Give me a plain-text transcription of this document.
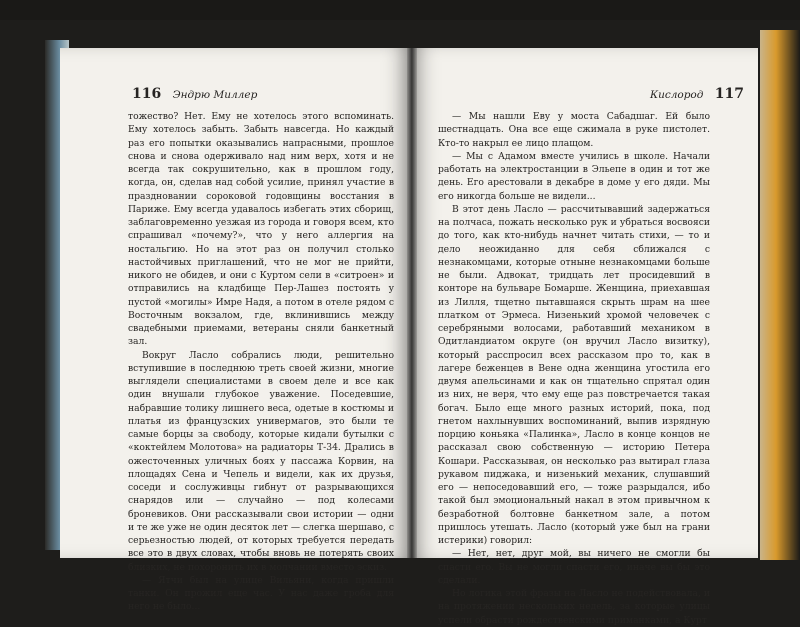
116 Эндрю Миллер

тожество? Нет. Ему не хотелось этого вспоминать. Ему хотелось забыть. Забыть навсегда. Но каждый раз его попытки оказывались напрасными, прошлое снова и снова одерживало над ним верх, хотя и не всегда так сокрушительно, как в прошлом году, когда, он, сделав над собой усилие, принял участие в праздновании сороковой годовщины восстания в Париже. Ему всегда удавалось избегать этих сборищ, заблаговременно уезжая из города и говоря всем, кто спрашивал «почему?», что у него аллергия на ностальгию. Но на этот раз он получил столько настойчивых приглашений, что не мог не прийти, никого не обидев, и они с Куртом сели в «ситроен» и отправились на кладбище Пер-Лашез постоять у пустой «могилы» Имре Надя, а потом в отеле рядом с Восточным вокзалом, где, вклинившись между свадебными приемами, ветераны сняли банкетный зал.

Вокруг Ласло собрались люди, решительно вступившие в последнюю треть своей жизни, многие выглядели специалистами в своем деле и все как один внушали глубокое уважение. Поседевшие, набравшие толику лишнего веса, одетые в костюмы и платья из французских универмагов, это были те самые борцы за свободу, которые кидали бутылки с «коктейлем Молотова» на радиаторы Т-34. Дрались в ожесточенных уличных боях у пассажа Корвин, на площадях Сена и Чепель и видели, как их друзья, соседи и сослуживцы гибнут от разрывающихся снарядов или — случайно — под колесами броневиков. Они рассказывали свои истории — одни и те же уже не один десяток лет — слегка шершаво, с серьезностью людей, от которых требуется передать все это в двух словах, чтобы вновь не потерять своих близких, не похоронить их в молчании вместо эскиз.

— Ятчи был на улице Вильяни, когда пришли танки. Он прожил еще час. У нас даже гроба для него не было...

Кислород 117

— Мы нашли Еву у моста Сабадшаг. Ей было шестнадцать. Она все еще сжимала в руке пистолет. Кто-то накрыл ее лицо плащом.

— Мы с Адамом вместе учились в школе. Начали работать на электростанции в Эльепе в один и тот же день. Его арестовали в декабре в доме у его дяди. Мы его никогда больше не видели...

В этот день Ласло — рассчитывавший задержаться на полчаса, пожать несколько рук и убраться восвояси до того, как кто-нибудь начнет читать стихи, — то и дело неожиданно для себя сближался с незнакомцами, которые отныне незнакомцами больше не были. Адвокат, тридцать лет просидевший в конторе на бульваре Бомарше. Женщина, приехавшая из Лилля, тщетно пытавшаяся скрыть шрам на шее платком от Эрмеса. Низенький хромой человечек с серебряными волосами, работавший механиком в Одитландиатом округе (он вручил Ласло визитку), который расспросил всех рассказом про то, как в лагере беженцев в Вене одна женщина угостила его двумя апельсинами и как он тщательно спрятал один из них, не веря, что ему еще раз повстречается такая богач. Было еще много разных историй, пока, под гнетом нахлынувших воспоминаний, выпив изрядную порцию коньяка «Палинка», Ласло в конце концов не рассказал свою собственную — историю Петера Кошари. Рассказывая, он несколько раз вытирал глаза рукавом пиджака, и низенький механик, слушавший его — непоседовавший его, — тоже разрыдался, ибо такой был эмоциональный накал в этом привычном к безработной болтовне банкетном зале, а потом пришлось утешать. Ласло (который уже был на грани истерики) говорил:

— Нет, нет, друг мой, вы ничего не смогли бы спасти его. Вы не могли спасти его, иначе вы бы это сделали.

Но логика этой фразы на Ласло не подействовала, и на протяжении нескольких недель, за которые улицы успели обрасти рождественскими приманками, а Курт
